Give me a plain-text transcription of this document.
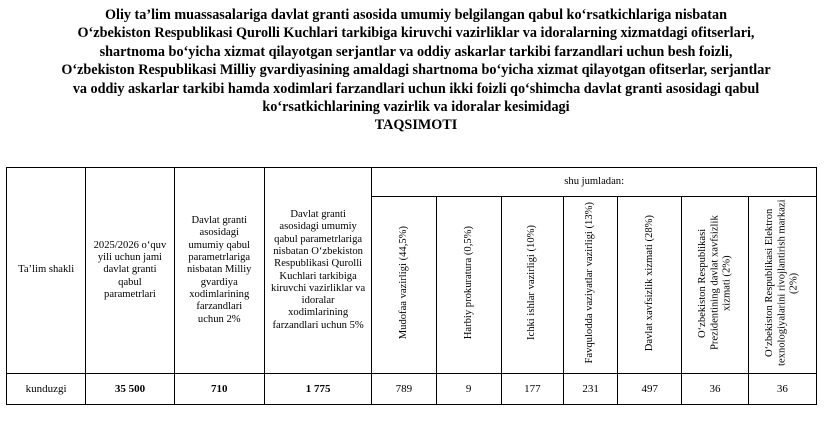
Oliy ta’lim muassasalariga davlat granti asosida umumiy belgilangan qabul ko‘rsatkichlariga nisbatan
O‘zbekiston Respublikasi Qurolli Kuchlari tarkibiga kiruvchi vazirliklar va idoralarning xizmatdagi ofitserlari,
shartnoma bo‘yicha xizmat qilayotgan serjantlar va oddiy askarlar tarkibi farzandlari uchun besh foizli,
O‘zbekiston Respublikasi Milliy gvardiyasining amaldagi shartnoma bo‘yicha xizmat qilayotgan ofitserlar, serjantlar
va oddiy askarlar tarkibi hamda xodimlari farzandlari uchun ikki foizli qo‘shimcha davlat granti asosidagi qabul
ko‘rsatkichlarining vazirlik va idoralar kesimidagi
TAQSIMOTI
Ta’lim shakli	2025/2026 o‘quv yili uchun jami davlat granti qabul parametrlari	Davlat granti asosidagi umumiy qabul parametrlariga nisbatan Milliy gvardiya xodimlarining farzandlari uchun 2%	Davlat granti asosidagi umumiy qabul parametrlariga nisbatan O‘zbekiston Respublikasi Qurolli Kuchlari tarkibiga kiruvchi vazirliklar va idoralar xodimlarining farzandlari uchun 5%	shu jumladan:						
				Mudofaa vazirligi (44,5%)	Harbiy prokuratura (0,5%)	Ichki ishlar vazirligi (10%)	Favqulodda vaziyatlar vazirligi (13%)	Davlat xavfsizlik xizmati (28%)	O‘zbekiston Respublikasi Prezidentining davlat xavfsizlik xizmati (2%)	O‘zbekiston Respublikasi Elektron texnologiyalarini rivojlantirish markazi (2%)
kunduzgi	35 500	710	1 775	789	9	177	231	497	36	36
